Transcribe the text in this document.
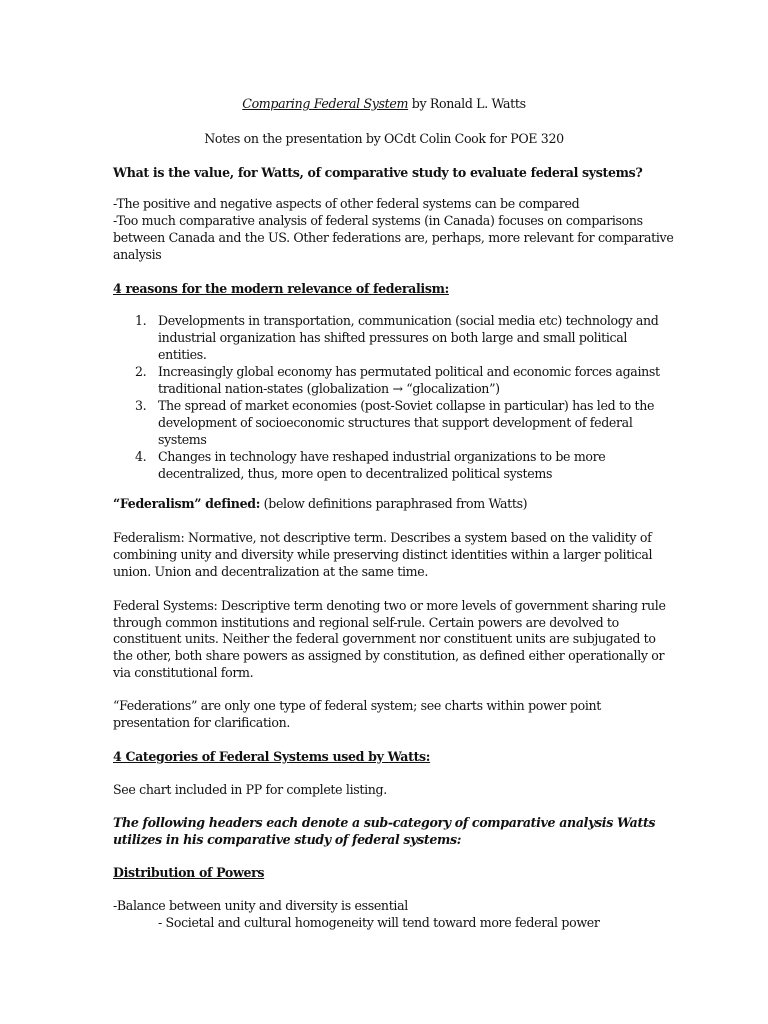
Comparing Federal System by Ronald L. Watts

Notes on the presentation by OCdt Colin Cook for POE 320

What is the value, for Watts, of comparative study to evaluate federal systems?

-The positive and negative aspects of other federal systems can be compared

-Too much comparative analysis of federal systems (in Canada) focuses on comparisons

between Canada and the US. Other federations are, perhaps, more relevant for comparative

analysis

4 reasons for the modern relevance of federalism:

1. Developments in transportation, communication (social media etc) technology and
industrial organization has shifted pressures on both large and small political
entities.
2. Increasingly global economy has permutated political and economic forces against
traditional nation-states (globalization → “glocalization”)
3. The spread of market economies (post-Soviet collapse in particular) has led to the
development of socioeconomic structures that support development of federal
systems
4. Changes in technology have reshaped industrial organizations to be more
decentralized, thus, more open to decentralized political systems

“Federalism” defined: (below definitions paraphrased from Watts)

Federalism: Normative, not descriptive term. Describes a system based on the validity of

combining unity and diversity while preserving distinct identities within a larger political

union. Union and decentralization at the same time.

Federal Systems: Descriptive term denoting two or more levels of government sharing rule

through common institutions and regional self-rule. Certain powers are devolved to

constituent units. Neither the federal government nor constituent units are subjugated to

the other, both share powers as assigned by constitution, as defined either operationally or

via constitutional form.

“Federations” are only one type of federal system; see charts within power point

presentation for clarification.

4 Categories of Federal Systems used by Watts:

See chart included in PP for complete listing.

The following headers each denote a sub-category of comparative analysis Watts

utilizes in his comparative study of federal systems:

Distribution of Powers

-Balance between unity and diversity is essential

- Societal and cultural homogeneity will tend toward more federal power
